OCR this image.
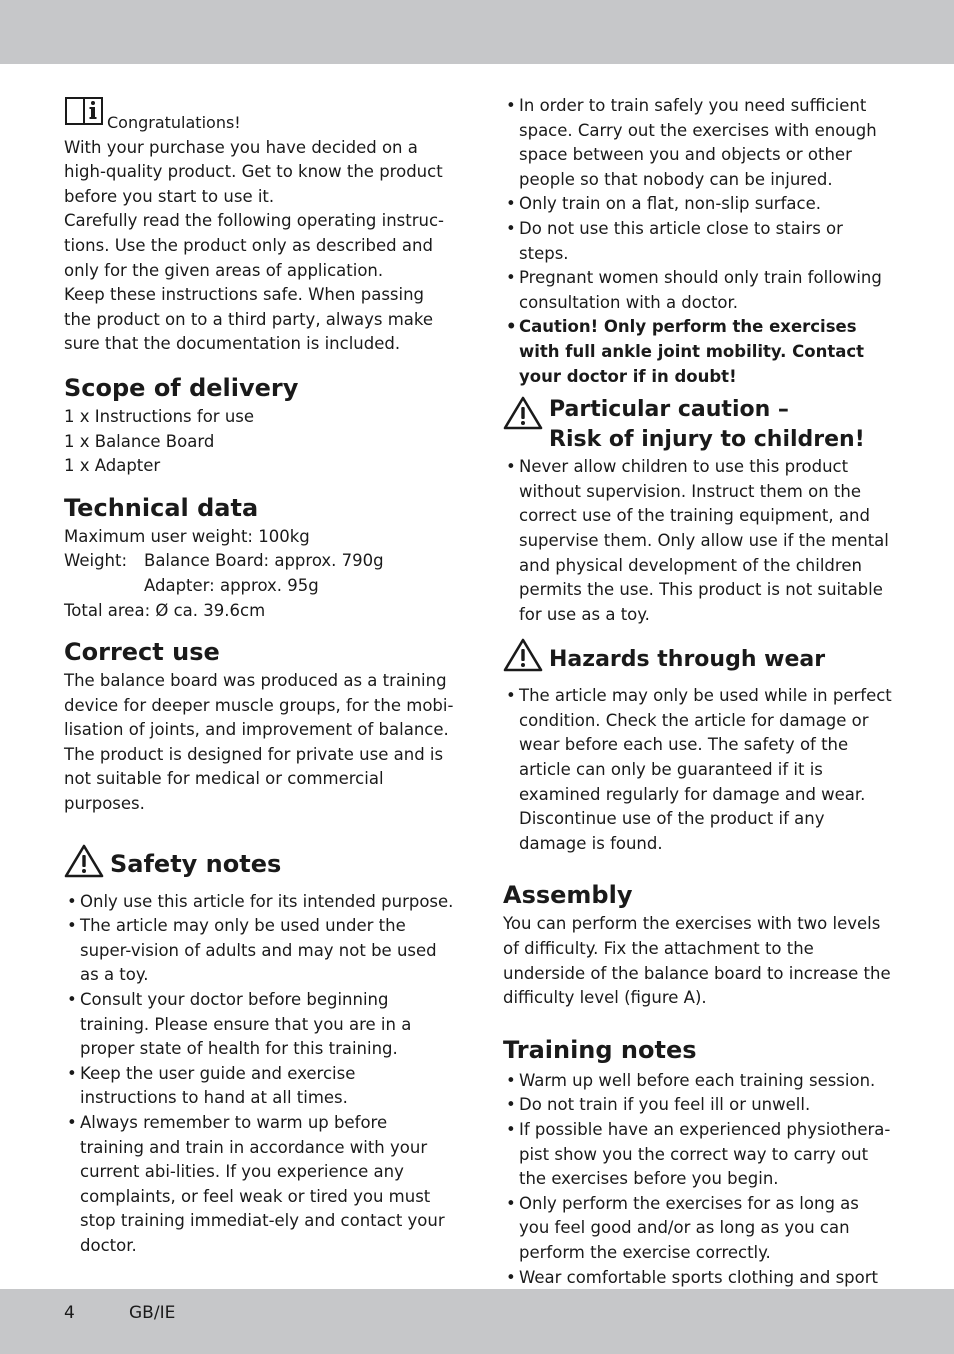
Congratulations!

With your purchase you have decided on a high-quality product. Get to know the product before you start to use it.

Carefully read the following operating instruc-tions. Use the product only as described and only for the given areas of application.

Keep these instructions safe. When passing the product on to a third party, always make sure that the documentation is included.

Scope of delivery

1 x Instructions for use

1 x Balance Board

1 x Adapter

Technical data

Maximum user weight: 100kg

Weight:	Balance Board: approx. 790g
Adapter: approx. 95g

Total area: Ø ca. 39.6cm

Correct use

The balance board was produced as a training device for deeper muscle groups, for the mobi-lisation of joints, and improvement of balance. The product is designed for private use and is not suitable for medical or commercial purposes.

Safety notes
• Only use this article for its intended purpose.
• The article may only be used under the super-vision of adults and may not be used as a toy.
• Consult your doctor before beginning training. Please ensure that you are in a proper state of health for this training.
• Keep the user guide and exercise instructions to hand at all times.
• Always remember to warm up before training and train in accordance with your current abi-lities. If you experience any complaints, or feel weak or tired you must stop training immediat-ely and contact your doctor.
• In order to train safely you need sufficient space. Carry out the exercises with enough space between you and objects or other people so that nobody can be injured.
• Only train on a flat, non-slip surface.
• Do not use this article close to stairs or steps.
• Pregnant women should only train following consultation with a doctor.
• Caution! Only perform the exercises with full ankle joint mobility. Contact your doctor if in doubt!
Particular caution –
Risk of injury to children!
• Never allow children to use this product without supervision. Instruct them on the correct use of the training equipment, and supervise them. Only allow use if the mental and physical development of the children permits the use. This product is not suitable for use as a toy.
Hazards through wear
• The article may only be used while in perfect condition. Check the article for damage or wear before each use. The safety of the article can only be guaranteed if it is examined regularly for damage and wear. Discontinue use of the product if any damage is found.
Assembly

You can perform the exercises with two levels of difficulty. Fix the attachment to the underside of the balance board to increase the difficulty level (figure A).

Training notes
• Warm up well before each training session.
• Do not train if you feel ill or unwell.
• If possible have an experienced physiothera-pist show you the correct way to carry out the exercises before you begin.
• Only perform the exercises for as long as you feel good and/or as long as you can perform the exercise correctly.
• Wear comfortable sports clothing and sport
4	GB/IE
